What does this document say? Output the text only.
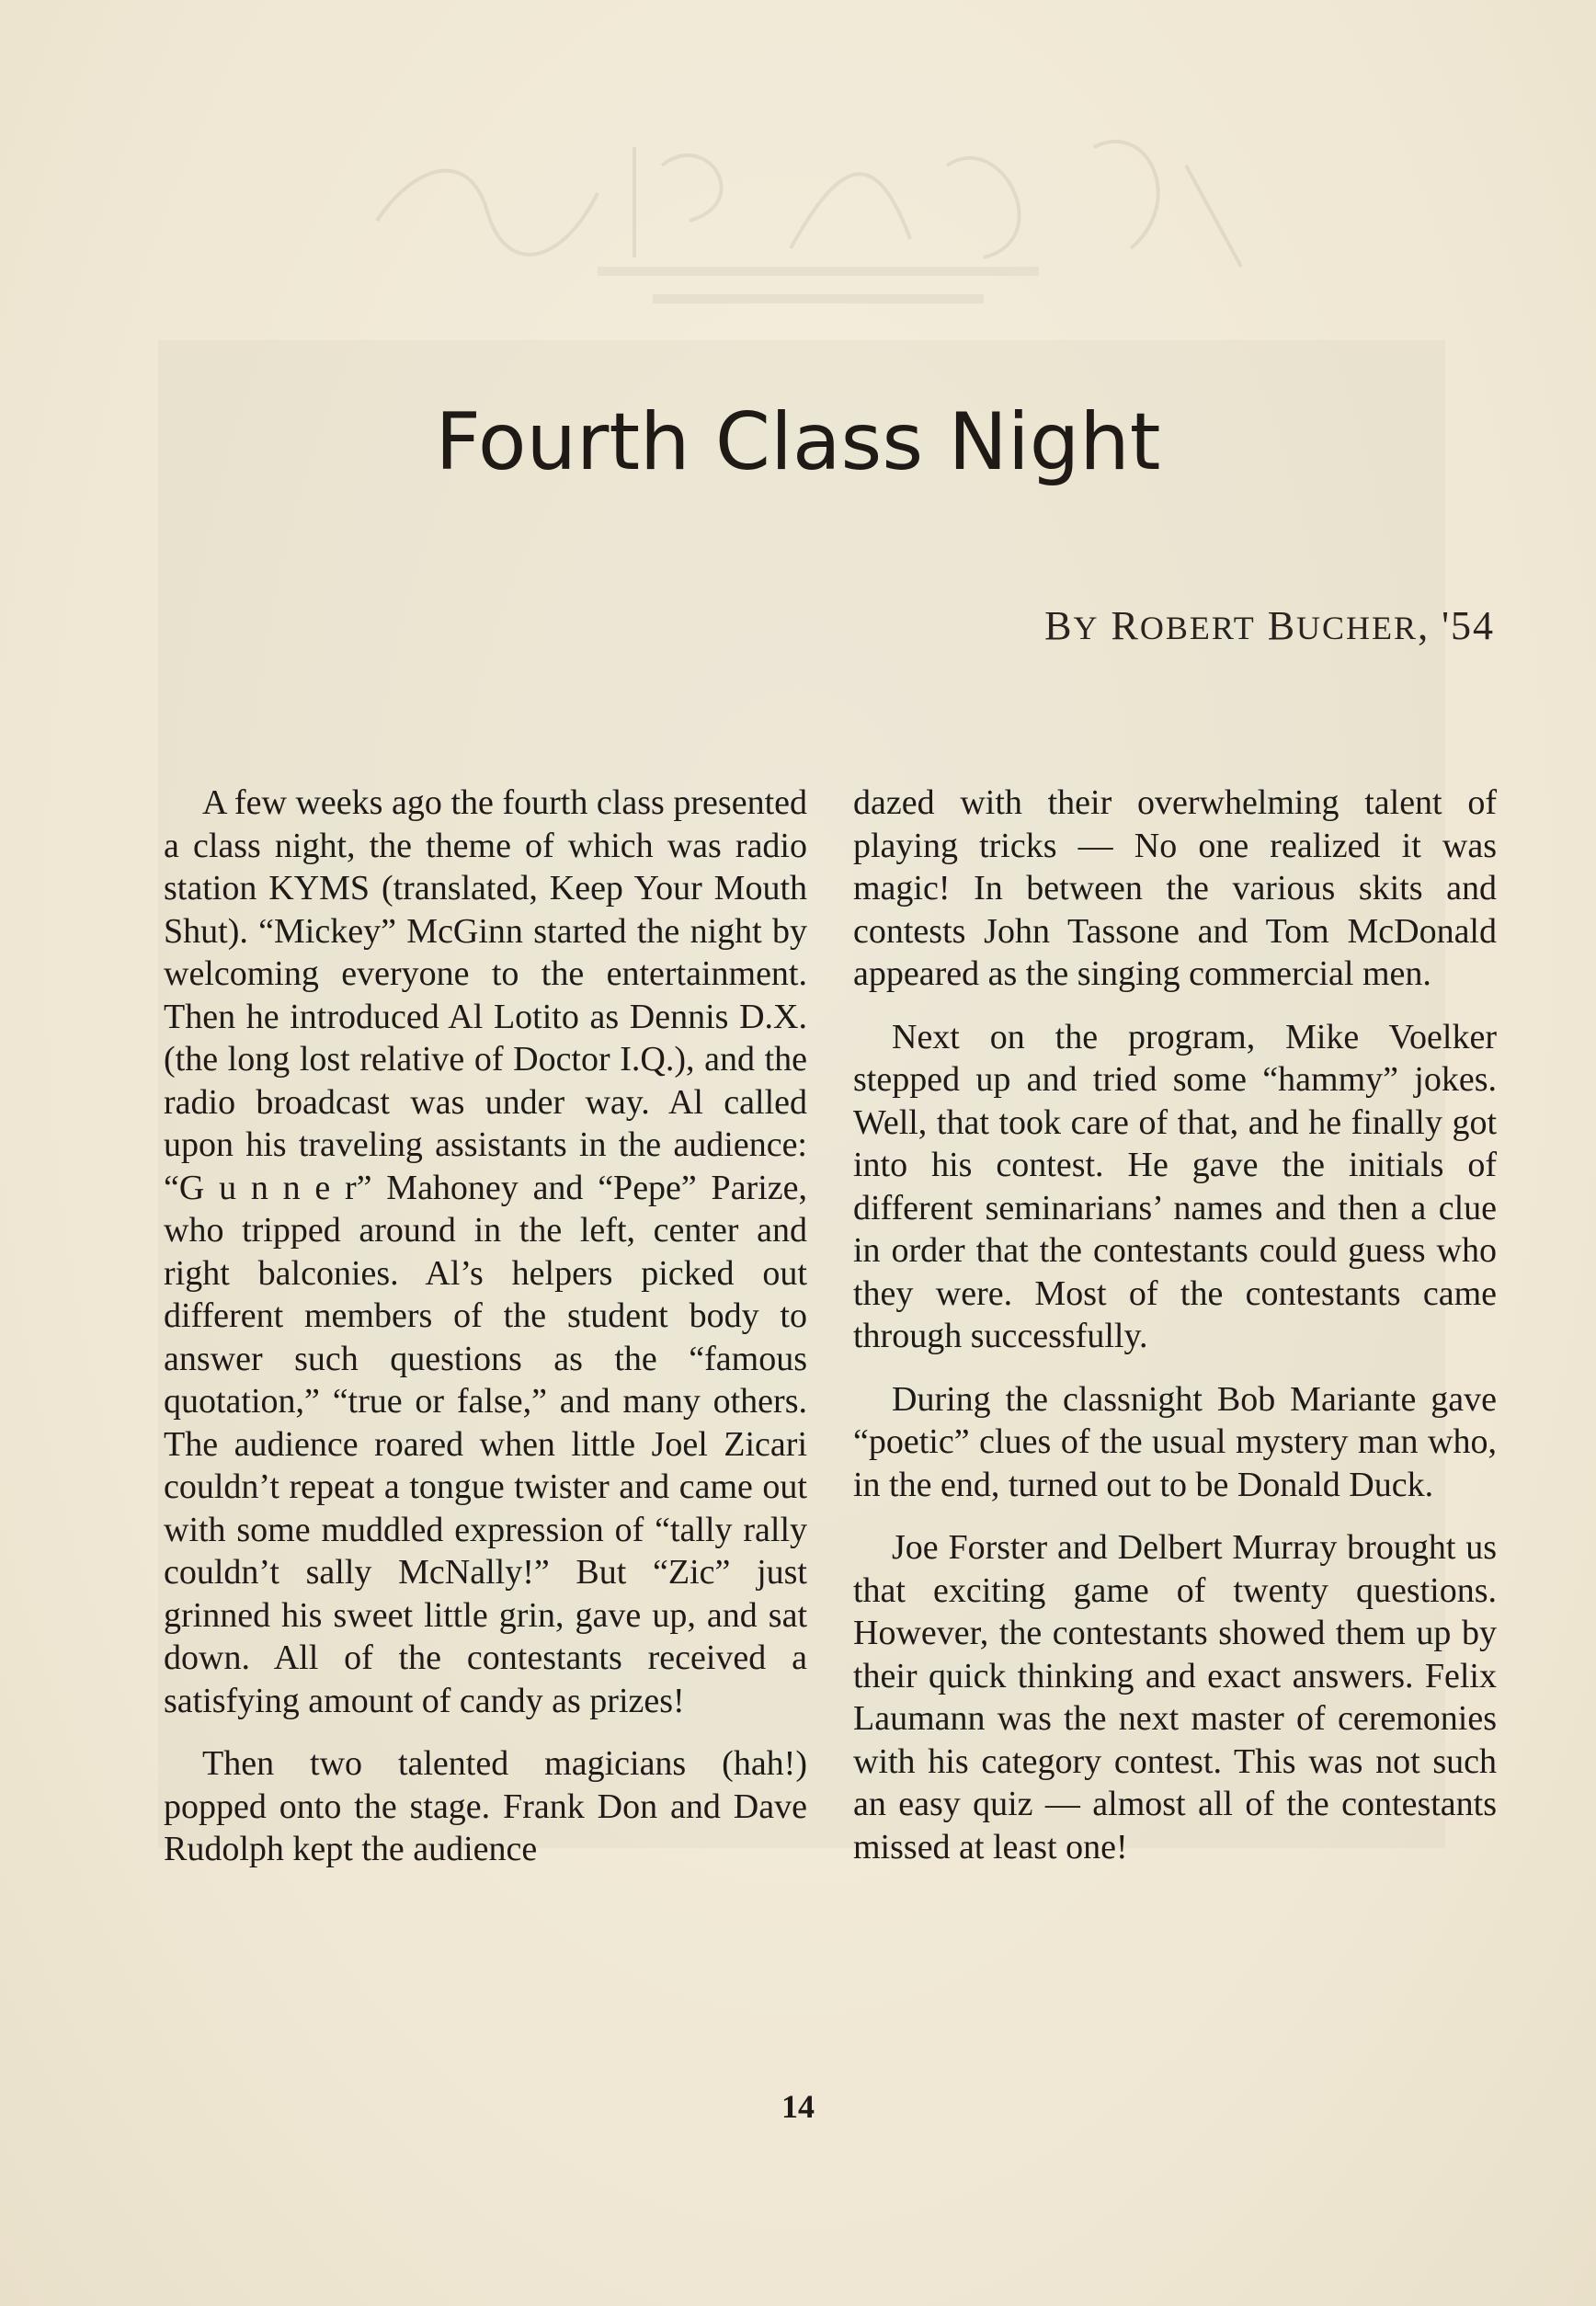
Fourth Class Night
BY ROBERT BUCHER, '54

A few weeks ago the fourth class presented a class night, the theme of which was radio station KYMS (translated, Keep Your Mouth Shut). “Mickey” McGinn started the night by welcoming everyone to the entertainment. Then he introduced Al Lotito as Dennis D.X. (the long lost relative of Doctor I.Q.), and the radio broadcast was under way. Al called upon his traveling assistants in the audience: “G u n n e r” Mahoney and “Pepe” Parize, who tripped around in the left, center and right balconies. Al’s helpers picked out different members of the student body to answer such questions as the “famous quotation,” “true or false,” and many others. The audience roared when little Joel Zicari couldn’t repeat a tongue twister and came out with some muddled expression of “tally rally couldn’t sally McNally!” But “Zic” just grinned his sweet little grin, gave up, and sat down. All of the contestants received a satisfying amount of candy as prizes!

Then two talented magicians (hah!) popped onto the stage. Frank Don and Dave Rudolph kept the audience

dazed with their overwhelming talent of playing tricks — No one realized it was magic! In between the various skits and contests John Tassone and Tom McDonald appeared as the singing commercial men.

Next on the program, Mike Voelker stepped up and tried some “hammy” jokes. Well, that took care of that, and he finally got into his contest. He gave the initials of different seminarians’ names and then a clue in order that the contestants could guess who they were. Most of the contestants came through successfully.

During the classnight Bob Mariante gave “poetic” clues of the usual mystery man who, in the end, turned out to be Donald Duck.

Joe Forster and Delbert Murray brought us that exciting game of twenty questions. However, the contestants showed them up by their quick thinking and exact answers. Felix Laumann was the next master of ceremonies with his category contest. This was not such an easy quiz — almost all of the contestants missed at least one!

14
